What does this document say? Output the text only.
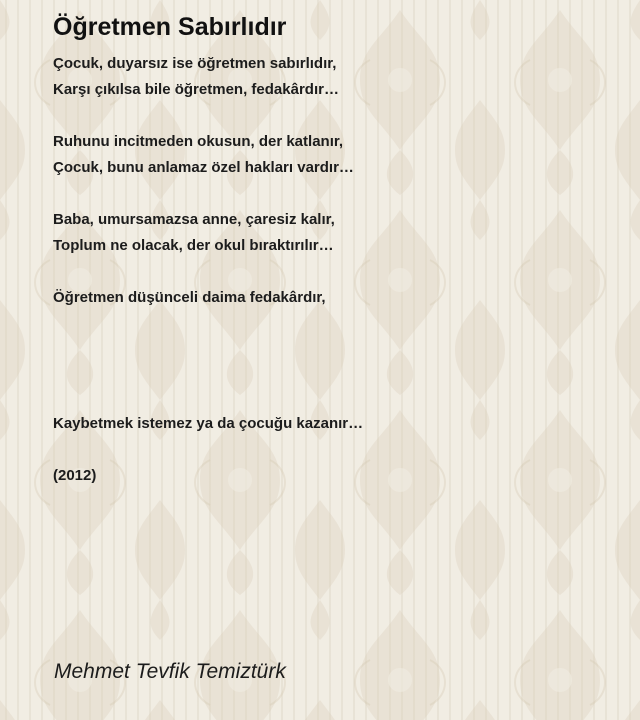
Öğretmen Sabırlıdır
Çocuk, duyarsız ise öğretmen sabırlıdır,
Karşı çıkılsa bile öğretmen, fedakârdır…
Ruhunu incitmeden okusun, der katlanır,
Çocuk, bunu anlamaz özel hakları vardır…
Baba, umursamazsa anne, çaresiz kalır,
Toplum ne olacak, der okul bıraktırılır…
Öğretmen düşünceli daima fedakârdır,
Kaybetmek istemez ya da çocuğu kazanır…
(2012)
Mehmet Tevfik Temiztürk
